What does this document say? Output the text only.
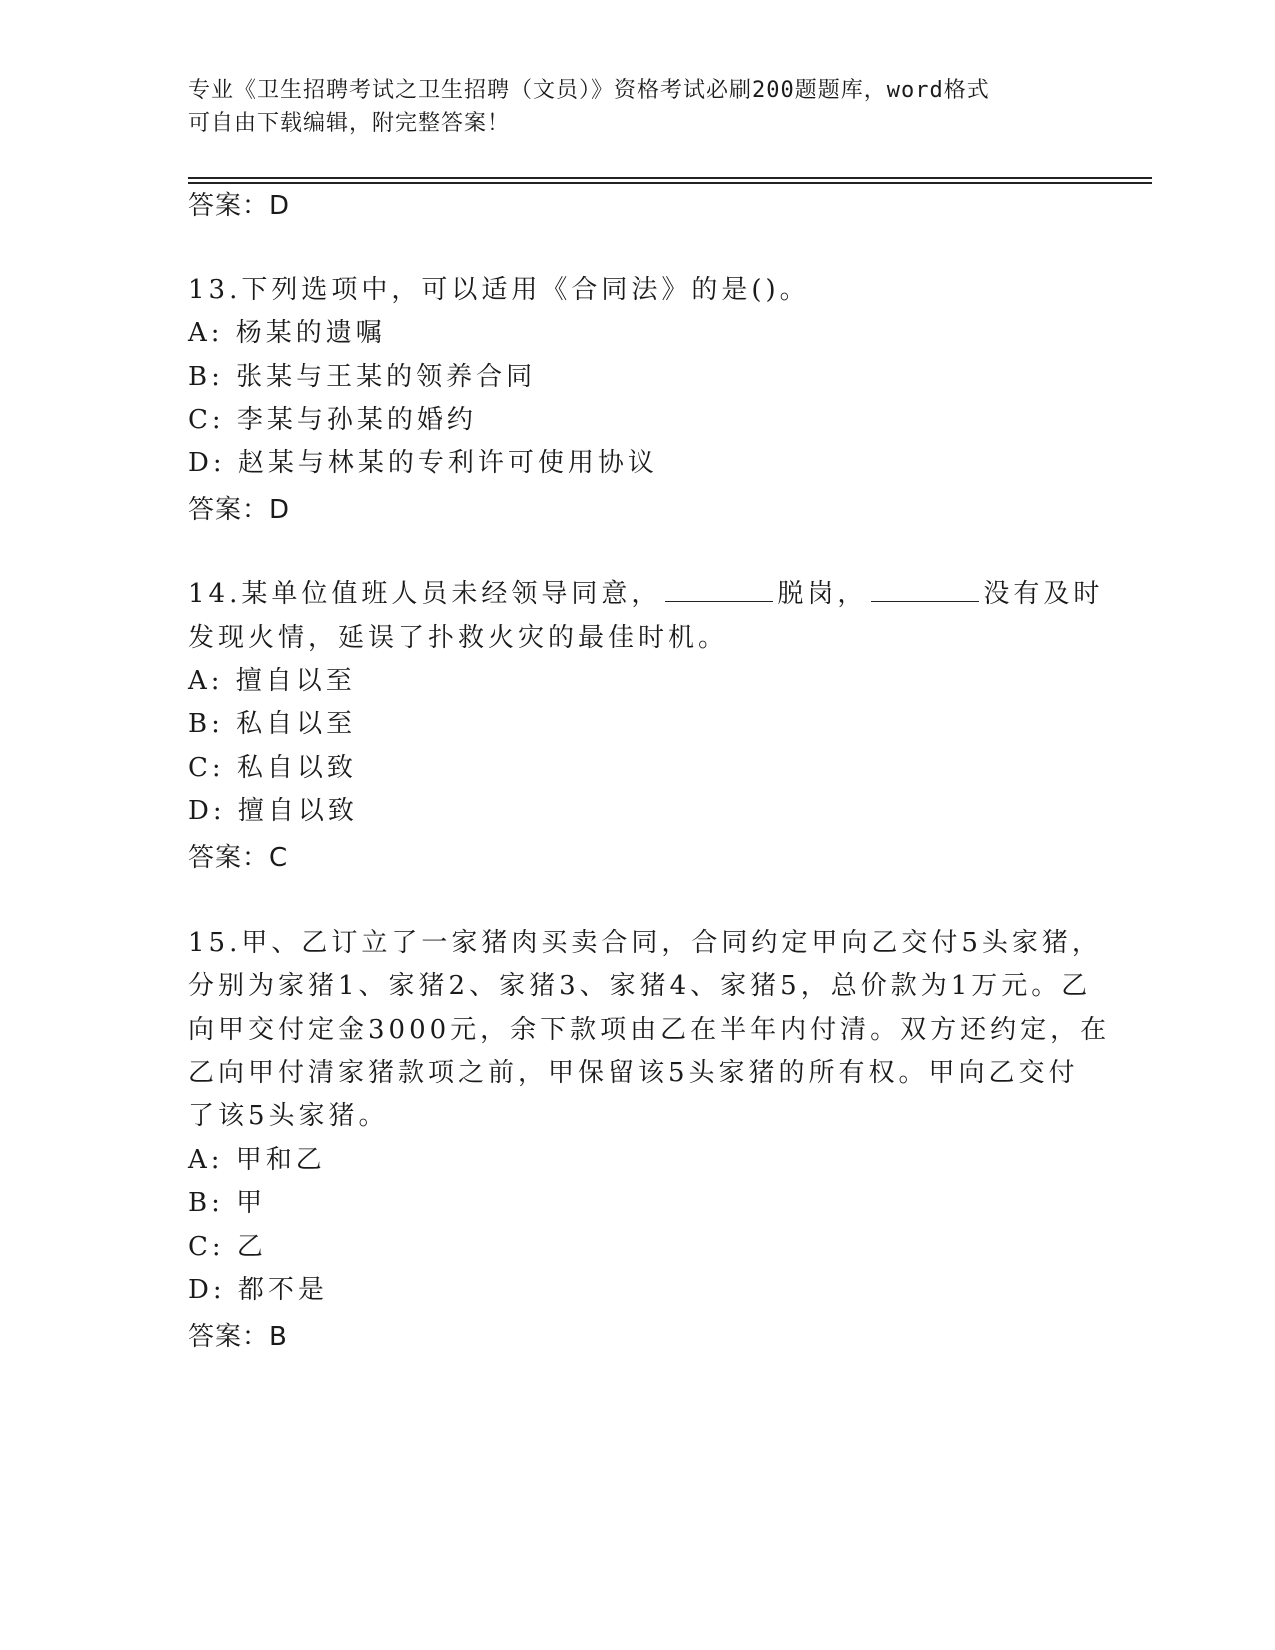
专业《卫生招聘考试之卫生招聘（文员）》资格考试必刷200题题库，word格式
可自由下载编辑，附完整答案！
答案：D
13.下列选项中，可以适用《合同法》的是()。
A: 杨某的遗嘱
B: 张某与王某的领养合同
C: 李某与孙某的婚约
D: 赵某与林某的专利许可使用协议
答案：D
14.某单位值班人员未经领导同意，	脱岗，	没有及时
发现火情，延误了扑救火灾的最佳时机。
A: 擅自以至
B: 私自以至
C: 私自以致
D: 擅自以致
答案：C
15.甲、乙订立了一家猪肉买卖合同，合同约定甲向乙交付5头家猪，
分别为家猪1、家猪2、家猪3、家猪4、家猪5，总价款为1万元。乙
向甲交付定金3000元，余下款项由乙在半年内付清。双方还约定，在
乙向甲付清家猪款项之前，甲保留该5头家猪的所有权。甲向乙交付
了该5头家猪。
A: 甲和乙
B: 甲
C: 乙
D: 都不是
答案：B
